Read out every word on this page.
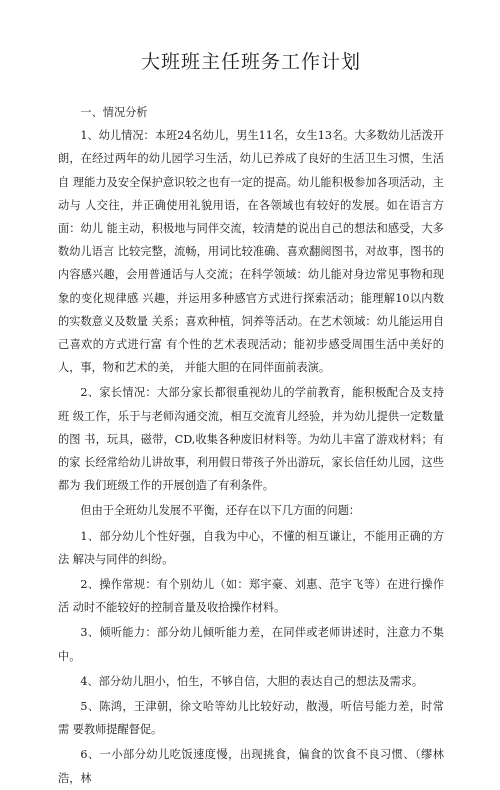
大班班主任班务工作计划

一、情况分析

1、幼儿情况：本班24名幼儿，男生11名，女生13名。大多数幼儿活泼开 朗，在经过两年的幼儿园学习生活，幼儿已养成了良好的生活卫生习惯，生活自 理能力及安全保护意识较之也有一定的提高。幼儿能积极参加各项活动，主动与 人交往，并正确使用礼貌用语，在各领域也有较好的发展。如在语言方面：幼儿 能主动，积极地与同伴交流，较清楚的说出自己的想法和感受，大多数幼儿语言 比较完整，流畅，用词比较准确、喜欢翻阅图书，对故事，图书的内容感兴趣，会用普通话与人交流；在科学领域：幼儿能对身边常见事物和现象的变化规律感 兴趣，并运用多种感官方式进行探索活动；能理解10以内数的实数意义及数量 关系；喜欢种植，饲养等活动。在艺术领域：幼儿能运用自己喜欢的方式进行富 有个性的艺术表现活动；能初步感受周围生活中美好的人，事，物和艺术的美， 并能大胆的在同伴面前表演。

2、家长情况：大部分家长都很重视幼儿的学前教育，能积极配合及支持班 级工作，乐于与老师沟通交流，相互交流育儿经验，并为幼儿提供一定数量的图 书，玩具，磁带，CD,收集各种废旧材料等。为幼儿丰富了游戏材料；有的家 长经常给幼儿讲故事，利用假日带孩子外出游玩，家长信任幼儿园，这些都为 我们班级工作的开展创造了有利条件。

但由于全班幼儿发展不平衡，还存在以下几方面的问题：

1、部分幼儿个性好强，自我为中心，不懂的相互谦让，不能用正确的方法 解决与同伴的纠纷。

2、操作常规：有个别幼儿（如：郑宇豪、刘惠、范宇飞等）在进行操作活 动时不能较好的控制音量及收拾操作材料。

3、倾听能力：部分幼儿倾听能力差，在同伴或老师讲述时，注意力不集中。

4、部分幼儿胆小，怕生，不够自信，大胆的表达自己的想法及需求。

5、陈鸿，王津朝，徐文哈等幼儿比较好动，散漫，听信号能力差，时常需 要教师提醒督促。

6、一小部分幼儿吃饭速度慢，出现挑食，偏食的饮食不良习惯、（缪林浩，林
